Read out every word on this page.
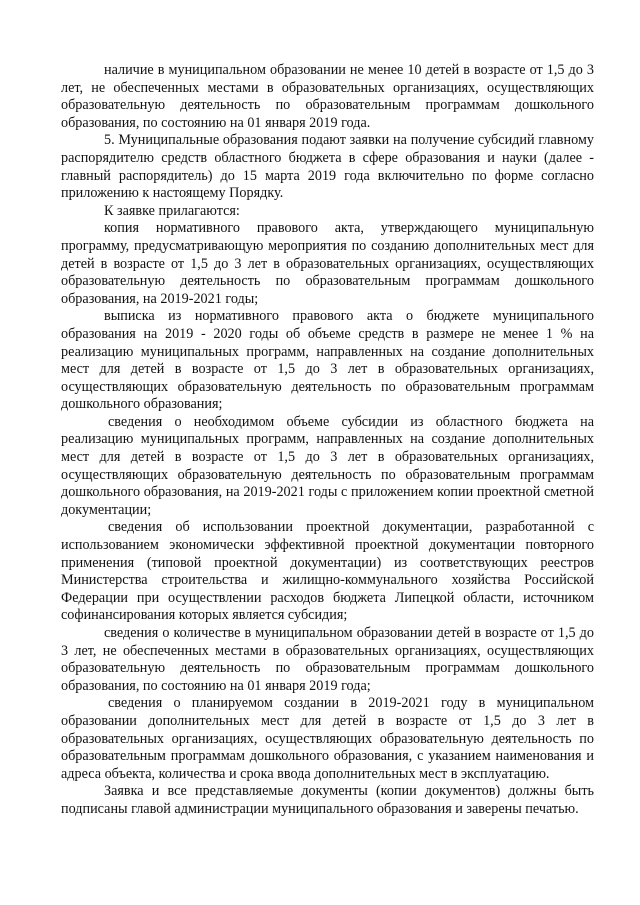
наличие в муниципальном образовании не менее 10 детей в возрасте от 1,5 до 3 лет, не обеспеченных местами в образовательных организациях, осуществляющих образовательную деятельность по образовательным программам дошкольного образования, по состоянию на 01 января 2019 года.

5. Муниципальные образования подают заявки на получение субсидий главному распорядителю средств областного бюджета в сфере образования и науки (далее - главный распорядитель) до 15 марта 2019 года включительно по форме согласно приложению к настоящему Порядку.

К заявке прилагаются:

копия нормативного правового акта, утверждающего муниципальную программу, предусматривающую мероприятия по созданию дополнительных мест для детей в возрасте от 1,5 до 3 лет в образовательных организациях, осуществляющих образовательную деятельность по образовательным программам дошкольного образования, на 2019-2021 годы;

выписка из нормативного правового акта о бюджете муниципального образования на 2019 - 2020 годы об объеме средств в размере не менее 1 % на реализацию муниципальных программ, направленных на создание дополнительных мест для детей в возрасте от 1,5 до 3 лет в образовательных организациях, осуществляющих образовательную деятельность по образовательным программам дошкольного образования;

сведения о необходимом объеме субсидии из областного бюджета на реализацию муниципальных программ, направленных на создание дополнительных мест для детей в возрасте от 1,5 до 3 лет в образовательных организациях, осуществляющих образовательную деятельность по образовательным программам дошкольного образования, на 2019-2021 годы с приложением копии проектной сметной документации;

сведения об использовании проектной документации, разработанной с использованием экономически эффективной проектной документации повторного применения (типовой проектной документации) из соответствующих реестров Министерства строительства и жилищно-коммунального хозяйства Российской Федерации при осуществлении расходов бюджета Липецкой области, источником софинансирования которых является субсидия;

сведения о количестве в муниципальном образовании детей в возрасте от 1,5 до 3 лет, не обеспеченных местами в образовательных организациях, осуществляющих образовательную деятельность по образовательным программам дошкольного образования, по состоянию на 01 января 2019 года;

сведения о планируемом создании в 2019-2021 году в муниципальном образовании дополнительных мест для детей в возрасте от 1,5 до 3 лет в образовательных организациях, осуществляющих образовательную деятельность по образовательным программам дошкольного образования, с указанием наименования и адреса объекта, количества и срока ввода дополнительных мест в эксплуатацию.

Заявка и все представляемые документы (копии документов) должны быть подписаны главой администрации муниципального образования и заверены печатью.
